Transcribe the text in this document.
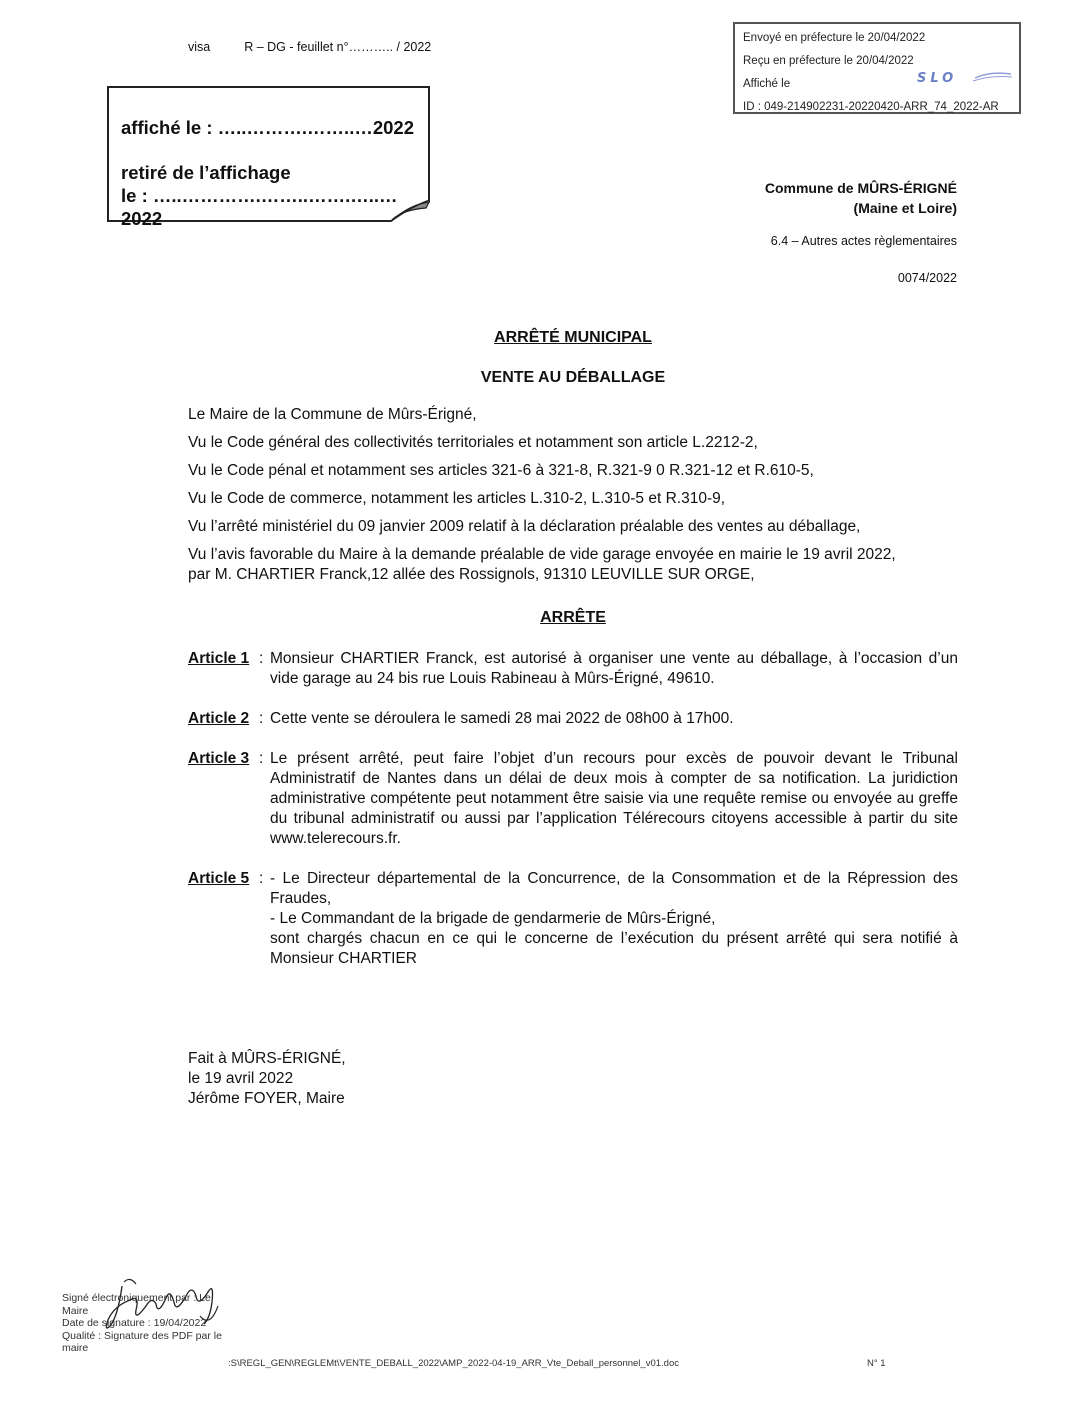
visa	R – DG - feuillet n°……….. / 2022
Envoyé en préfecture le 20/04/2022
Reçu en préfecture le 20/04/2022
Affiché le
ID : 049-214902231-20220420-ARR_74_2022-AR
SLO
affiché le : …..……….……..…2022
retiré de l’affichage
le : …..………….……..…….…..…2022
Commune de MÛRS-ÉRIGNÉ
(Maine et Loire)
6.4 – Autres actes règlementaires
0074/2022
ARRÊTÉ MUNICIPAL
VENTE AU DÉBALLAGE

Le Maire de la Commune de Mûrs-Érigné,

Vu le Code général des collectivités territoriales et notamment son article L.2212-2,

Vu le Code pénal et notamment ses articles 321-6 à 321-8, R.321-9 0 R.321-12 et R.610-5,

Vu le Code de commerce, notamment les articles L.310-2, L.310-5 et R.310-9,

Vu l’arrêté ministériel du 09 janvier 2009 relatif à la déclaration préalable des ventes au déballage,

Vu l’avis favorable du Maire à la demande préalable de vide garage envoyée en mairie le 19 avril 2022,

par M. CHARTIER Franck,12 allée des Rossignols, 91310 LEUVILLE SUR ORGE,

ARRÊTE
Article 1 : Monsieur CHARTIER Franck, est autorisé à organiser une vente au déballage, à l’occasion d’un vide garage au 24 bis rue Louis Rabineau à Mûrs-Érigné, 49610.
Article 2 : Cette vente se déroulera le samedi 28 mai 2022 de 08h00 à 17h00.
Article 3 : Le présent arrêté, peut faire l’objet d’un recours pour excès de pouvoir devant le Tribunal Administratif de Nantes dans un délai de deux mois à compter de sa notification. La juridiction administrative compétente peut notamment être saisie via une requête remise ou envoyée au greffe du tribunal administratif ou aussi par l’application Télérecours citoyens accessible à partir du site www.telerecours.fr.
Article 5 : - Le Directeur départemental de la Concurrence, de la Consommation et de la Répression des Fraudes,
- Le Commandant de la brigade de gendarmerie de Mûrs-Érigné,
sont chargés chacun en ce qui le concerne de l’exécution du présent arrêté qui sera notifié à Monsieur CHARTIER
Fait à MÛRS-ÉRIGNÉ,
le 19 avril 2022
Jérôme FOYER, Maire
Signé électroniquement par : Le Maire
Date de signature : 19/04/2022
Qualité : Signature des PDF par le maire
:S\REGL_GEN\REGLEMt\VENTE_DEBALL_2022\AMP_2022-04-19_ARR_Vte_Deball_personnel_v01.doc	N° 1
